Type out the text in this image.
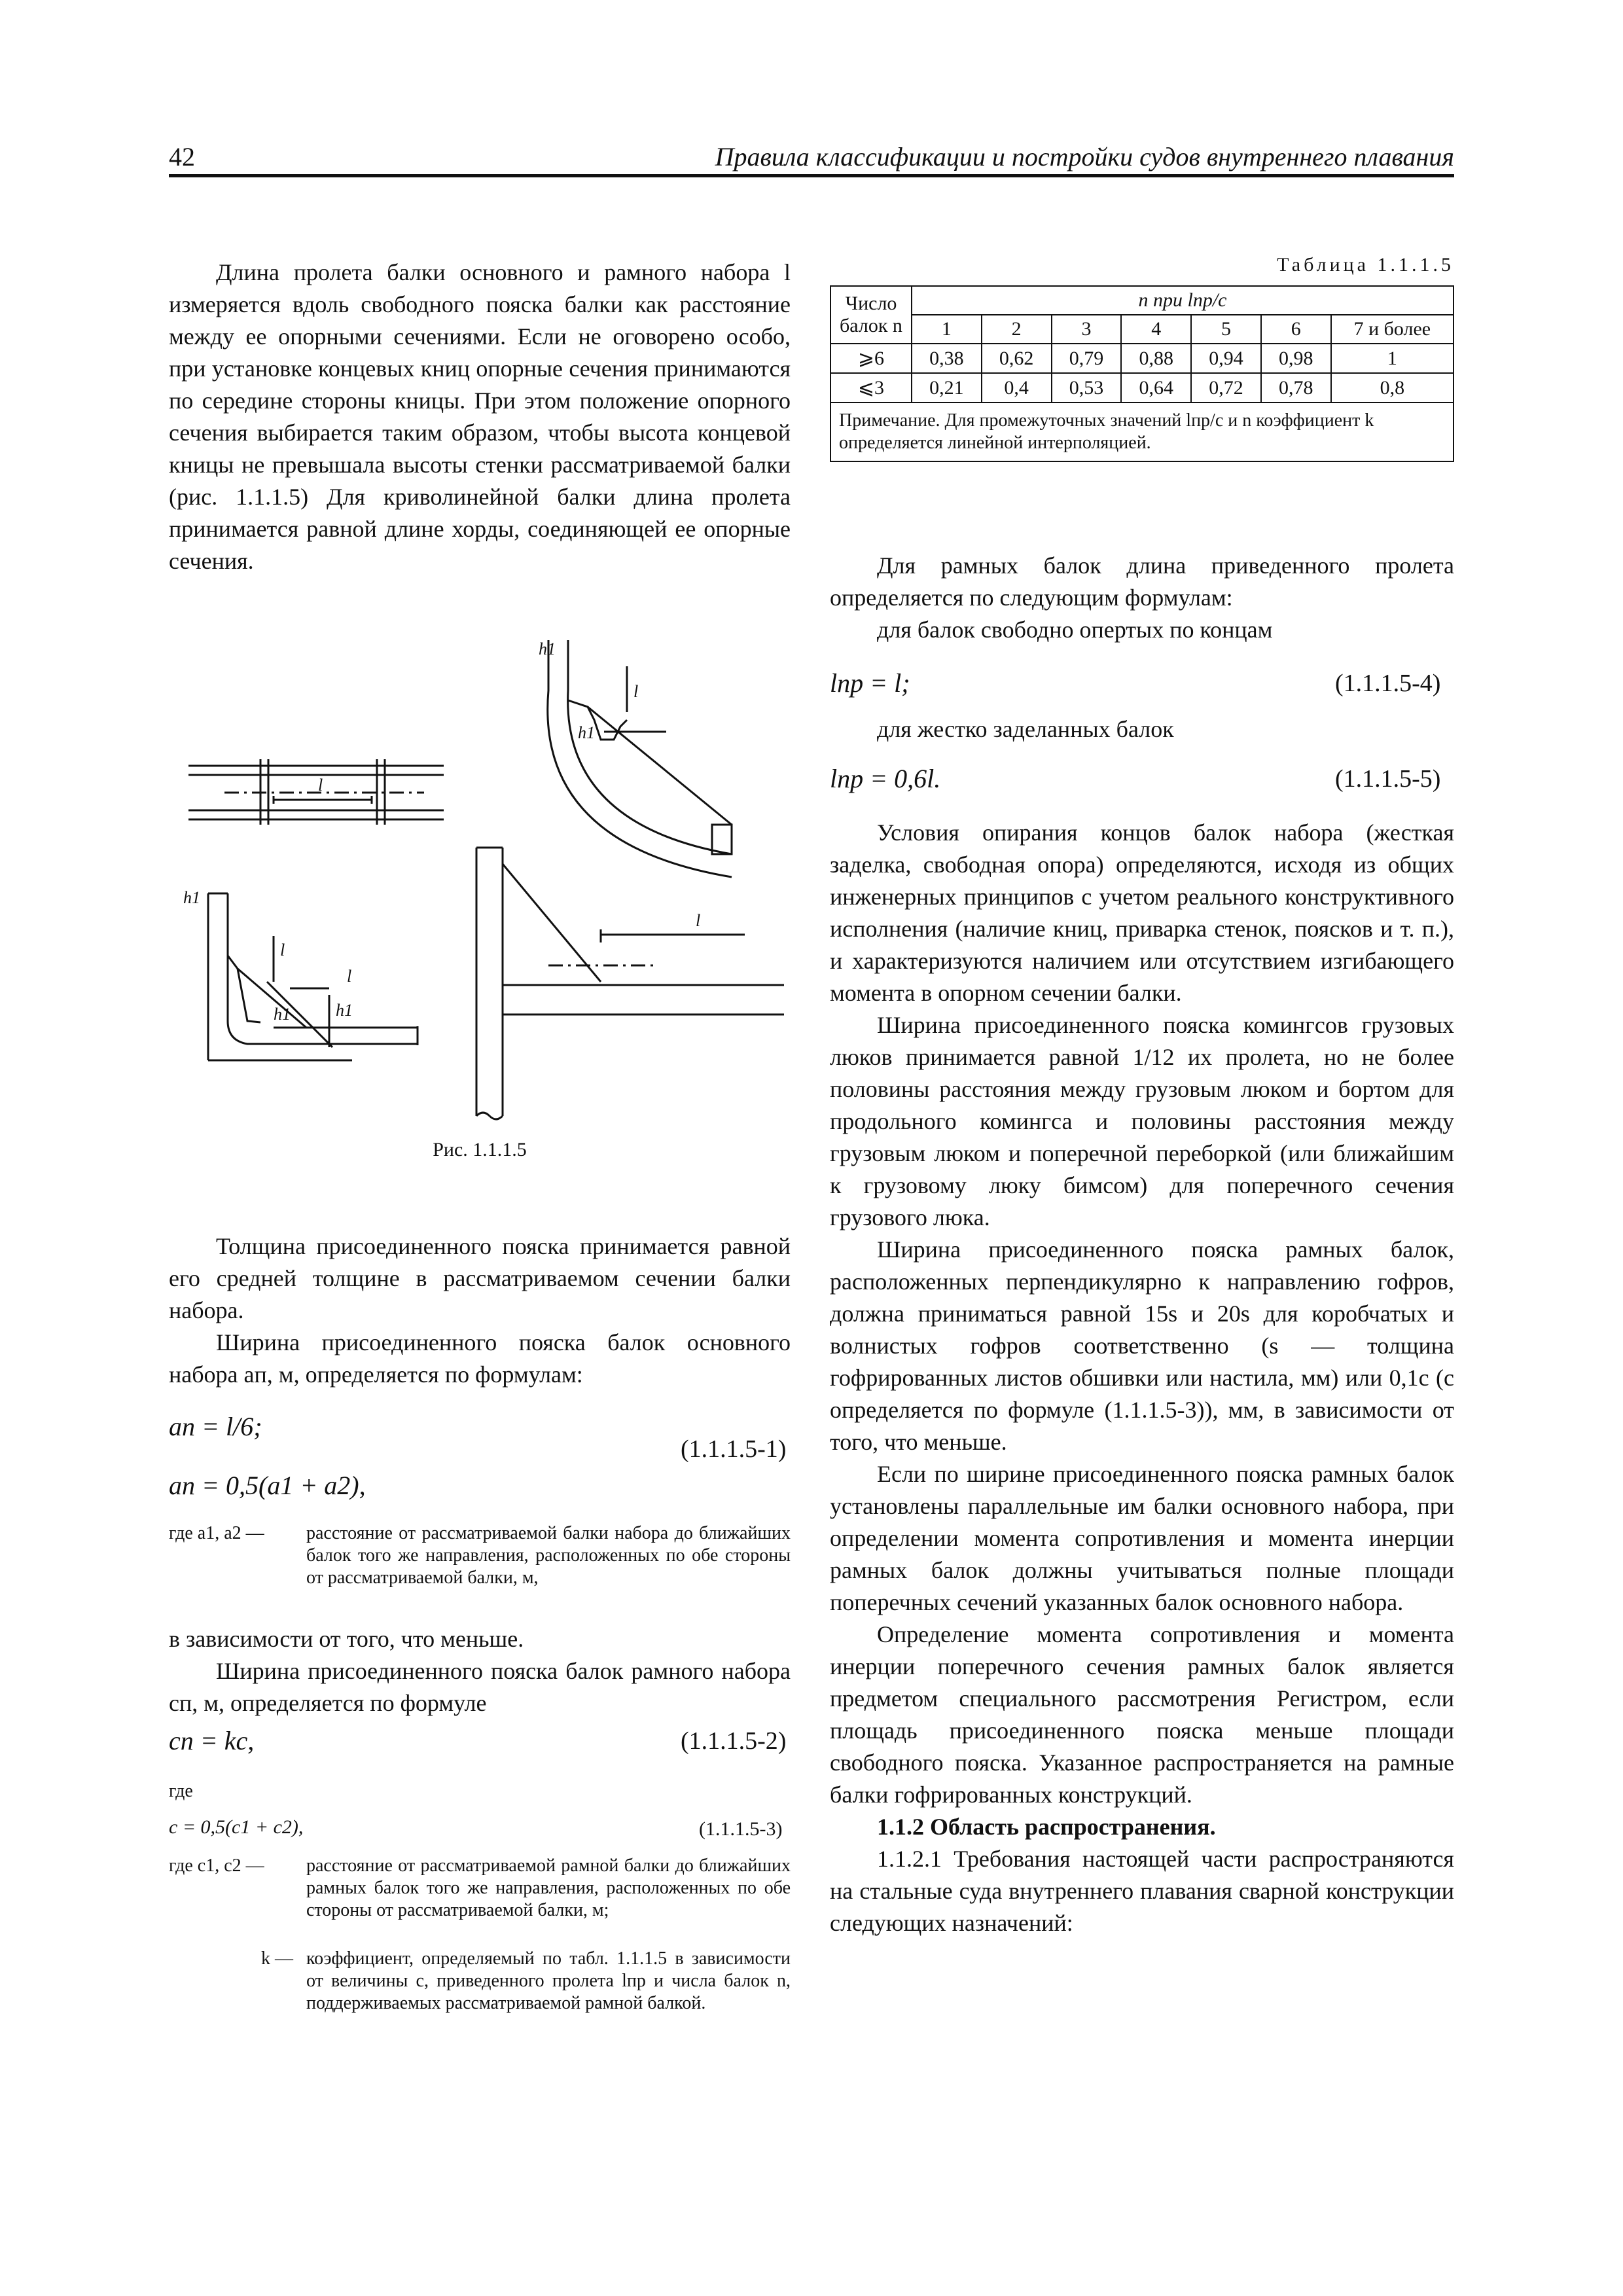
42	Правила классификации и постройки судов внутреннего плавания

Длина пролета балки основного и рамного набора l измеряется вдоль свободного пояска балки как расстояние между ее опорными сечениями. Если не оговорено особо, при установке концевых книц опорные сечения принимаются по середине стороны кницы. При этом положение опорного сечения выбирается таким образом, чтобы высота концевой кницы не превышала высоты стенки рассматриваемой балки (рис. 1.1.1.5) Для криволинейной балки длина пролета принимается равной длине хорды, соединяющей ее опорные сечения.

h1
l
h1
l
h1
l
h1	h1
l
l
Рис. 1.1.1.5

Толщина присоединенного пояска принимается равной его средней толщине в рассматриваемом сечении балки набора.

Ширина присоединенного пояска балок основного набора aп, м, определяется по формулам:

aп = l/6;
(1.1.1.5-1)
aп = 0,5(a1 + a2),
где a1, a2 —	расстояние от рассматриваемой балки набора до ближайших балок того же направления, расположенных по обе стороны от рассматриваемой балки, м,

в зависимости от того, что меньше.

Ширина присоединенного пояска балок рамного набора cп, м, определяется по формуле

cп = kc,	(1.1.1.5-2)
где
c = 0,5(c1 + c2),	(1.1.1.5-3)
где c1, c2 —	расстояние от рассматриваемой рамной балки до ближайших рамных балок того же направления, расположенных по обе стороны от рассматриваемой балки, м;
k — коэффициент, определяемый по табл. 1.1.1.5 в зависимости от величины c, приведенного пролета lпр и числа балок n, поддерживаемых рассматриваемой рамной балкой.
Таблица 1.1.1.5
Число балок n	n при lпр/c						
	1	2	3	4	5	6	7 и более
⩾6	0,38	0,62	0,79	0,88	0,94	0,98	1
⩽3	0,21	0,4	0,53	0,64	0,72	0,78	0,8
Примечание. Для промежуточных значений lпр/c и n коэффициент k определяется линейной интерполяцией.							

Для рамных балок длина приведенного пролета определяется по следующим формулам:

для балок свободно опертых по концам

lпр = l;	(1.1.1.5-4)

для жестко заделанных балок

lпр = 0,6l.	(1.1.1.5-5)

Условия опирания концов балок набора (жесткая заделка, свободная опора) определяются, исходя из общих инженерных принципов с учетом реального конструктивного исполнения (наличие книц, приварка стенок, поясков и т. п.), и характеризуются наличием или отсутствием изгибающего момента в опорном сечении балки.

Ширина присоединенного пояска комингсов грузовых люков принимается равной 1/12 их пролета, но не более половины расстояния между грузовым люком и бортом для продольного комингса и половины расстояния между грузовым люком и поперечной переборкой (или ближайшим к грузовому люку бимсом) для поперечного сечения грузового люка.

Ширина присоединенного пояска рамных балок, расположенных перпендикулярно к направлению гофров, должна приниматься равной 15s и 20s для коробчатых и волнистых гофров соответственно (s — толщина гофрированных листов обшивки или настила, мм) или 0,1c (c определяется по формуле (1.1.1.5-3)), мм, в зависимости от того, что меньше.

Если по ширине присоединенного пояска рамных балок установлены параллельные им балки основного набора, при определении момента сопротивления и момента инерции рамных балок должны учитываться полные площади поперечных сечений указанных балок основного набора.

Определение момента сопротивления и момента инерции поперечного сечения рамных балок является предметом специального рассмотрения Регистром, если площадь присоединенного пояска меньше площади свободного пояска. Указанное распространяется на рамные балки гофрированных конструкций.

1.1.2 Область распространения.

1.1.2.1 Требования настоящей части распространяются на стальные суда внутреннего плавания сварной конструкции следующих назначений:
